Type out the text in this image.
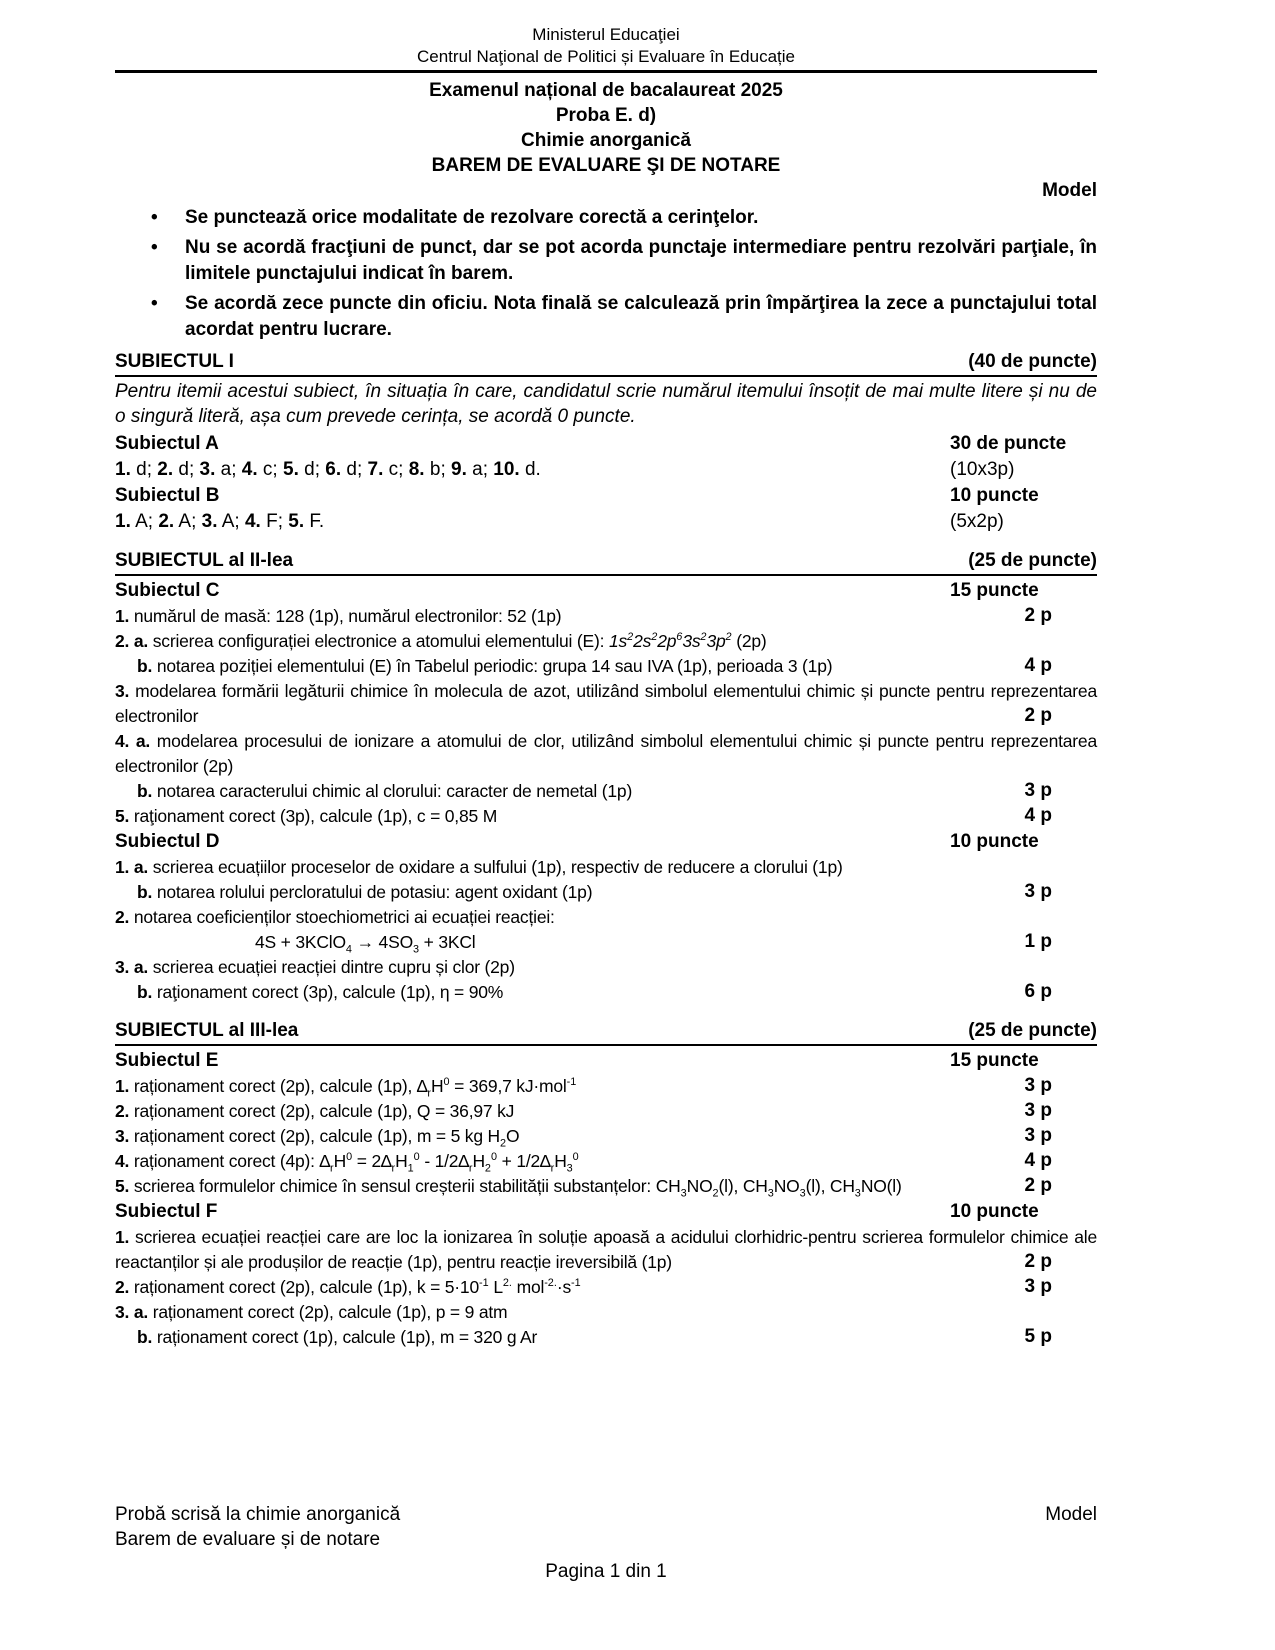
Ministerul Educaţiei
Centrul Naţional de Politici și Evaluare în Educație
Examenul național de bacalaureat 2025
Proba E. d)
Chimie anorganică
BAREM DE EVALUARE ŞI DE NOTARE
Model
• Se punctează orice modalitate de rezolvare corectă a cerinţelor.
• Nu se acordă fracţiuni de punct, dar se pot acorda punctaje intermediare pentru rezolvări parţiale, în limitele punctajului indicat în barem.
• Se acordă zece puncte din oficiu. Nota finală se calculează prin împărţirea la zece a punctajului total acordat pentru lucrare.
SUBIECTUL I	(40 de puncte)
Pentru itemii acestui subiect, în situația în care, candidatul scrie numărul itemului însoțit de mai multe litere și nu de o singură literă, așa cum prevede cerința, se acordă 0 puncte.
Subiectul A	30 de puncte
1. d; 2. d; 3. a; 4. c; 5. d; 6. d; 7. c; 8. b; 9. a; 10. d.	(10x3p)
Subiectul B	10 puncte
1. A; 2. A; 3. A; 4. F; 5. F.	(5x2p)
SUBIECTUL al II-lea	(25 de puncte)
Subiectul C	15 puncte
1. numărul de masă: 128 (1p), numărul electronilor: 52 (1p)	2 p
2. a. scrierea configurației electronice a atomului elementului (E): $1s^22s^22p^63s^23p^2$ (2p)
b. notarea poziției elementului (E) în Tabelul periodic: grupa 14 sau IVA (1p), perioada 3 (1p)	4 p
3. modelarea formării legăturii chimice în molecula de azot, utilizând simbolul elementului chimic și puncte pentru reprezentarea electronilor	2 p
4. a. modelarea procesului de ionizare a atomului de clor, utilizând simbolul elementului chimic și puncte pentru reprezentarea electronilor (2p)
b. notarea caracterului chimic al clorului: caracter de nemetal (1p)	3 p
5. raţionament corect (3p), calcule (1p), c = 0,85 M	4 p
Subiectul D	10 puncte
1. a. scrierea ecuațiilor proceselor de oxidare a sulfului (1p), respectiv de reducere a clorului (1p)
b. notarea rolului percloratului de potasiu: agent oxidant (1p)	3 p
2. notarea coeficienților stoechiometrici ai ecuației reacției:
4S + 3KClO$_4$ → $4SO_3 + 3KCl$	1 p
3. a. scrierea ecuației reacției dintre cupru și clor (2p)
b. raţionament corect (3p), calcule (1p), η = 90%	6 p
SUBIECTUL al III-lea	(25 de puncte)
Subiectul E	15 puncte
1. raționament corect (2p), calcule (1p), $\Delta_rH^0 = 369,7$ kJ·mol$^{-1}$	3 p
2. raționament corect (2p), calcule (1p), Q = 36,97 kJ	3 p
3. raționament corect (2p), calcule (1p), m = 5 kg $H_2O$	3 p
4. raționament corect (4p): $\Delta_rH^0 = 2\Delta_rH_1^0 - 1/2\Delta_rH_2^0 + 1/2\Delta_rH_3^0$	4 p
5. scrierea formulelor chimice în sensul creșterii stabilității substanțelor: $CH_3NO_2(l)$, $CH_3NO_3(l)$, $CH_3NO(l)$	2 p
Subiectul F	10 puncte
1. scrierea ecuației reacției care are loc la ionizarea în soluție apoasă a acidului clorhidric-pentru scrierea formulelor chimice ale reactanților și ale produșilor de reacție (1p), pentru reacție ireversibilă (1p)	2 p
2. raționament corect (2p), calcule (1p), $k = 5\cdot 10^{-1}$ $L^{2.}$ $mol^{-2.}\cdot s^{-1}$	3 p
3. a. raționament corect (2p), calcule (1p), p = 9 atm
b. raționament corect (1p), calcule (1p), m = 320 g Ar	5 p
Probă scrisă la chimie anorganică	Model
Barem de evaluare și de notare
Pagina 1 din 1
